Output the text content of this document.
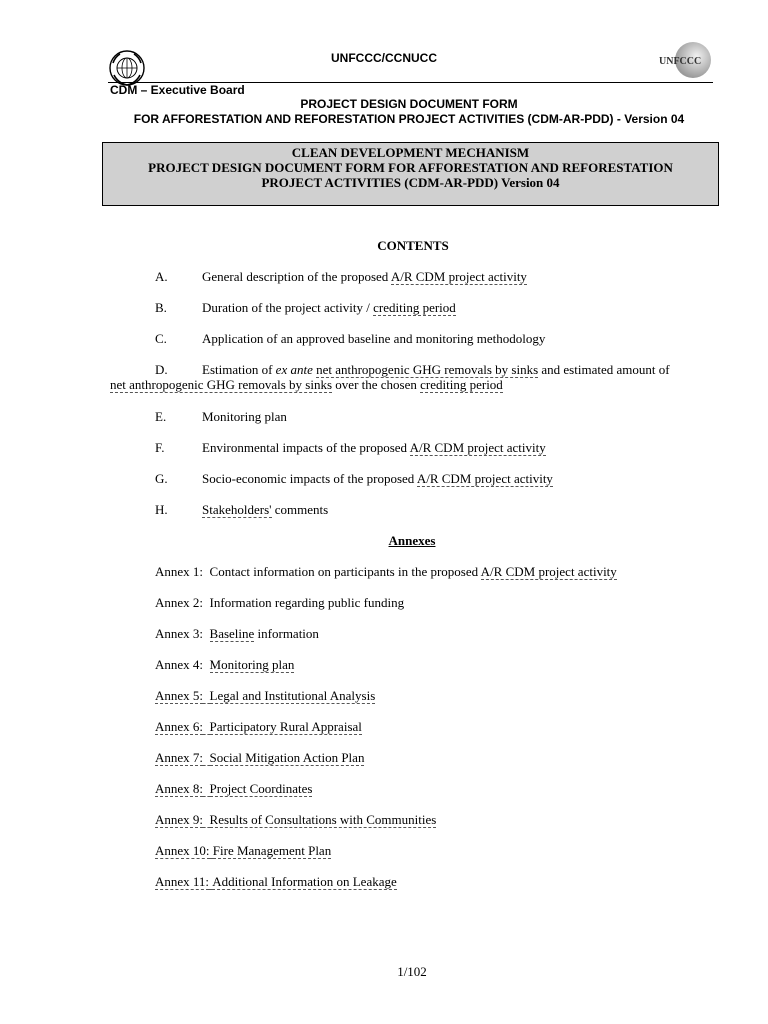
UNFCCC/CCNUCC	UNFCCC
CDM – Executive Board
PROJECT DESIGN DOCUMENT FORM
FOR AFFORESTATION AND REFORESTATION PROJECT ACTIVITIES (CDM-AR-PDD) - Version 04
CLEAN DEVELOPMENT MECHANISM
PROJECT DESIGN DOCUMENT FORM FOR AFFORESTATION AND REFORESTATION
PROJECT ACTIVITIES (CDM-AR-PDD) Version 04
CONTENTS
A.	General description of the proposed A/R CDM project activity
B.	Duration of the project activity / crediting period
C.	Application of an approved baseline and monitoring methodology
D.	Estimation of ex ante net anthropogenic GHG removals by sinks and estimated amount of
net anthropogenic GHG removals by sinks over the chosen crediting period
E.	Monitoring plan
F.	Environmental impacts of the proposed A/R CDM project activity
G.	Socio-economic impacts of the proposed A/R CDM project activity
H.	Stakeholders' comments
Annexes
Annex 1: Contact information on participants in the proposed A/R CDM project activity
Annex 2: Information regarding public funding
Annex 3: Baseline information
Annex 4: Monitoring plan
Annex 5: Legal and Institutional Analysis
Annex 6: Participatory Rural Appraisal
Annex 7: Social Mitigation Action Plan
Annex 8: Project Coordinates
Annex 9: Results of Consultations with Communities
Annex 10: Fire Management Plan
Annex 11: Additional Information on Leakage
1/102
